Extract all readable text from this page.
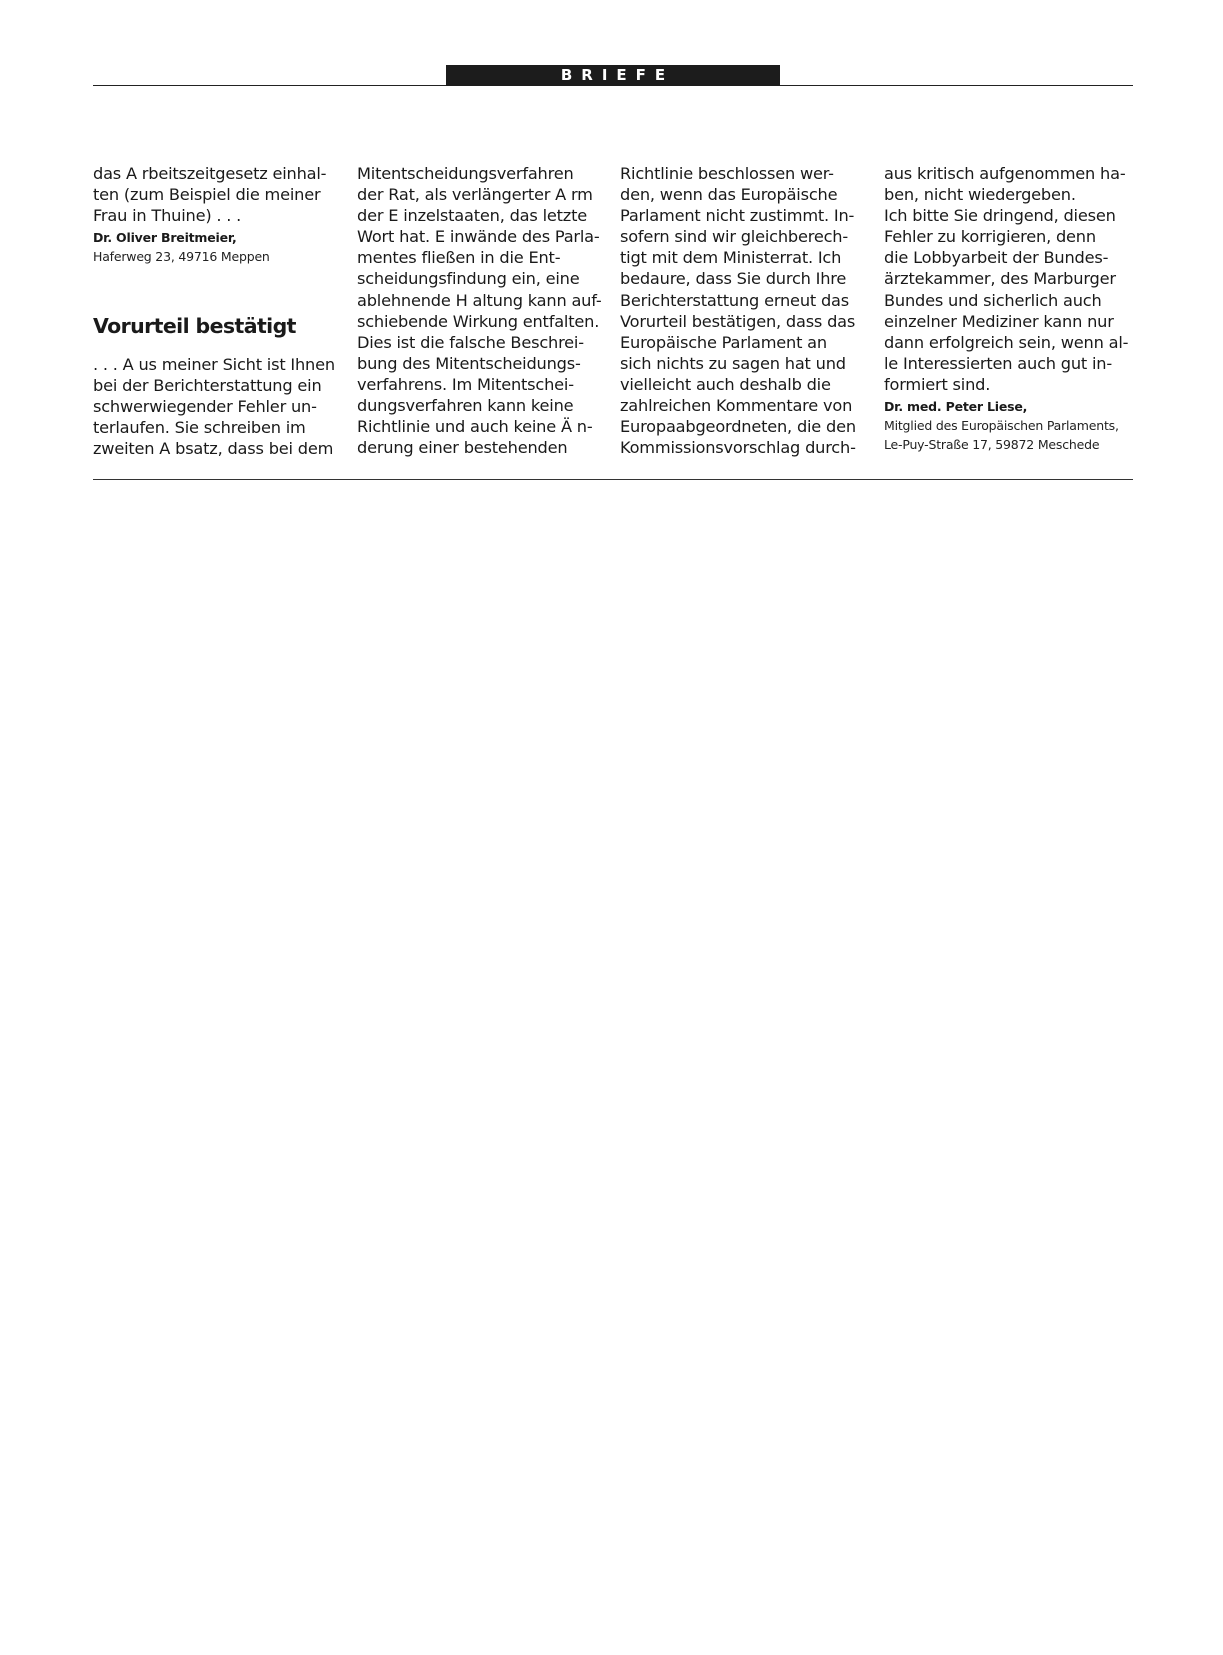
BRIEFE
das A rbeitszeitgesetz einhal-
ten (zum Beispiel die meiner
Frau in Thuine) . . .
Dr. Oliver Breitmeier,
Haferweg 23, 49716 Meppen
Vorurteil bestätigt
. . . A us meiner Sicht ist Ihnen
bei der Berichterstattung ein
schwerwiegender Fehler un-
terlaufen. Sie schreiben im
zweiten A bsatz, dass bei dem
Mitentscheidungsverfahren
der Rat, als verlängerter A rm
der E inzelstaaten, das letzte
Wort hat. E inwände des Parla-
mentes fließen in die Ent-
scheidungsfindung ein, eine
ablehnende H altung kann auf-
schiebende Wirkung entfalten.
Dies ist die falsche Beschrei-
bung des Mitentscheidungs-
verfahrens. Im Mitentschei-
dungsverfahren kann keine
Richtlinie und auch keine Ä n-
derung einer bestehenden
Richtlinie beschlossen wer-
den, wenn das Europäische
Parlament nicht zustimmt. In-
sofern sind wir gleichberech-
tigt mit dem Ministerrat. Ich
bedaure, dass Sie durch Ihre
Berichterstattung erneut das
Vorurteil bestätigen, dass das
Europäische Parlament an
sich nichts zu sagen hat und
vielleicht auch deshalb die
zahlreichen Kommentare von
Europaabgeordneten, die den
Kommissionsvorschlag durch-
aus kritisch aufgenommen ha-
ben, nicht wiedergeben.
Ich bitte Sie dringend, diesen
Fehler zu korrigieren, denn
die Lobbyarbeit der Bundes-
ärztekammer, des Marburger
Bundes und sicherlich auch
einzelner Mediziner kann nur
dann erfolgreich sein, wenn al-
le Interessierten auch gut in-
formiert sind.
Dr. med. Peter Liese,
Mitglied des Europäischen Parlaments,
Le-Puy-Straße 17, 59872 Meschede
